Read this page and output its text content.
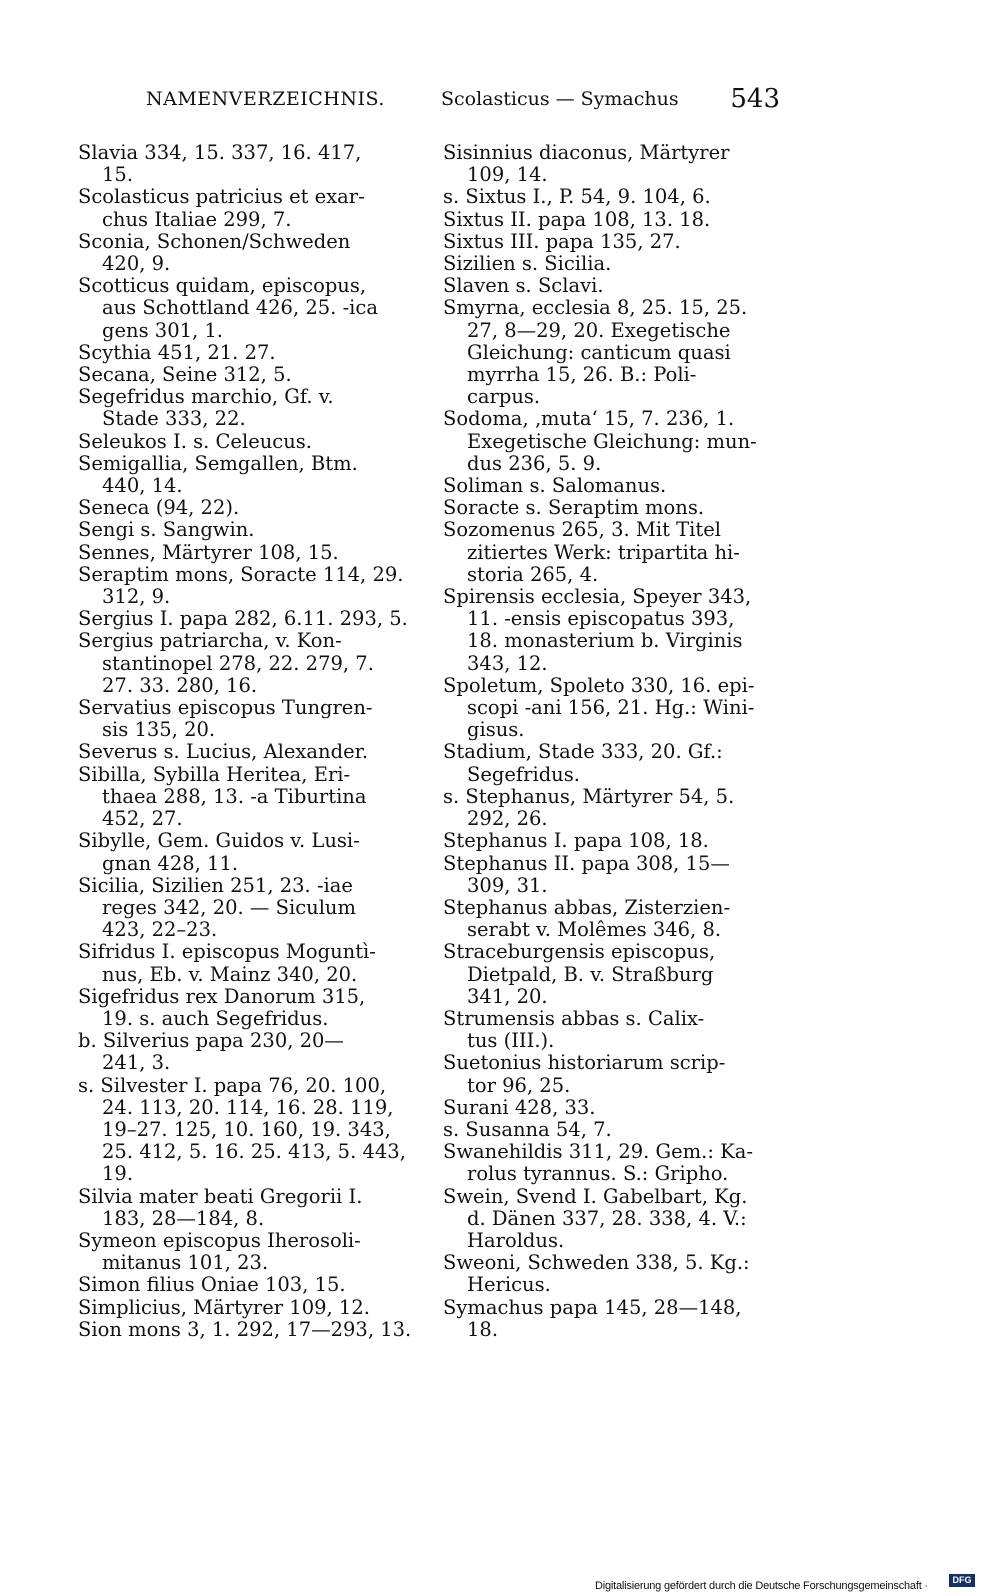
NAMENVERZEICHNIS.	Scolasticus — Symachus 543
Slavia 334, 15. 337, 16. 417,
15.
Scolasticus patricius et exar-
chus Italiae 299, 7.
Sconia, Schonen/Schweden
420, 9.
Scotticus quidam, episcopus,
aus Schottland 426, 25. -ica
gens 301, 1.
Scythia 451, 21. 27.
Secana, Seine 312, 5.
Segefridus marchio, Gf. v.
Stade 333, 22.
Seleukos I. s. Celeucus.
Semigallia, Semgallen, Btm.
440, 14.
Seneca (94, 22).
Sengi s. Sangwin.
Sennes, Märtyrer 108, 15.
Seraptim mons, Soracte 114, 29.
312, 9.
Sergius I. papa 282, 6.11. 293, 5.
Sergius patriarcha, v. Kon-
stantinopel 278, 22. 279, 7.
27. 33. 280, 16.
Servatius episcopus Tungren-
sis 135, 20.
Severus s. Lucius, Alexander.
Sibilla, Sybilla Heritea, Eri-
thaea 288, 13. -a Tiburtina
452, 27.
Sibylle, Gem. Guidos v. Lusi-
gnan 428, 11.
Sicilia, Sizilien 251, 23. -iae
reges 342, 20. — Siculum
423, 22–23.
Sifridus I. episcopus Moguntì-
nus, Eb. v. Mainz 340, 20.
Sigefridus rex Danorum 315,
19. s. auch Segefridus.
b. Silverius papa 230, 20—
241, 3.
s. Silvester I. papa 76, 20. 100,
24. 113, 20. 114, 16. 28. 119,
19–27. 125, 10. 160, 19. 343,
25. 412, 5. 16. 25. 413, 5. 443,
19.
Silvia mater beati Gregorii I.
183, 28—184, 8.
Symeon episcopus Iherosoli-
mitanus 101, 23.
Simon filius Oniae 103, 15.
Simplicius, Märtyrer 109, 12.
Sion mons 3, 1. 292, 17—293, 13.
Sisinnius diaconus, Märtyrer
109, 14.
s. Sixtus I., P. 54, 9. 104, 6.
Sixtus II. papa 108, 13. 18.
Sixtus III. papa 135, 27.
Sizilien s. Sicilia.
Slaven s. Sclavi.
Smyrna, ecclesia 8, 25. 15, 25.
27, 8—29, 20. Exegetische
Gleichung: canticum quasi
myrrha 15, 26. B.: Poli-
carpus.
Sodoma, ‚muta‘ 15, 7. 236, 1.
Exegetische Gleichung: mun-
dus 236, 5. 9.
Soliman s. Salomanus.
Soracte s. Seraptim mons.
Sozomenus 265, 3. Mit Titel
zitiertes Werk: tripartita hi-
storia 265, 4.
Spirensis ecclesia, Speyer 343,
11. -ensis episcopatus 393,
18. monasterium b. Virginis
343, 12.
Spoletum, Spoleto 330, 16. epi-
scopi -ani 156, 21. Hg.: Wini-
gisus.
Stadium, Stade 333, 20. Gf.:
Segefridus.
s. Stephanus, Märtyrer 54, 5.
292, 26.
Stephanus I. papa 108, 18.
Stephanus II. papa 308, 15—
309, 31.
Stephanus abbas, Zisterzien-
serabt v. Molêmes 346, 8.
Straceburgensis episcopus,
Dietpald, B. v. Straßburg
341, 20.
Strumensis abbas s. Calix-
tus (III.).
Suetonius historiarum scrip-
tor 96, 25.
Surani 428, 33.
s. Susanna 54, 7.
Swanehildis 311, 29. Gem.: Ka-
rolus tyrannus. S.: Gripho.
Swein, Svend I. Gabelbart, Kg.
d. Dänen 337, 28. 338, 4. V.:
Haroldus.
Sweoni, Schweden 338, 5. Kg.:
Hericus.
Symachus papa 145, 28—148,
18.
Digitalisierung gefördert durch die Deutsche Forschungsgemeinschaft ·	DFG
